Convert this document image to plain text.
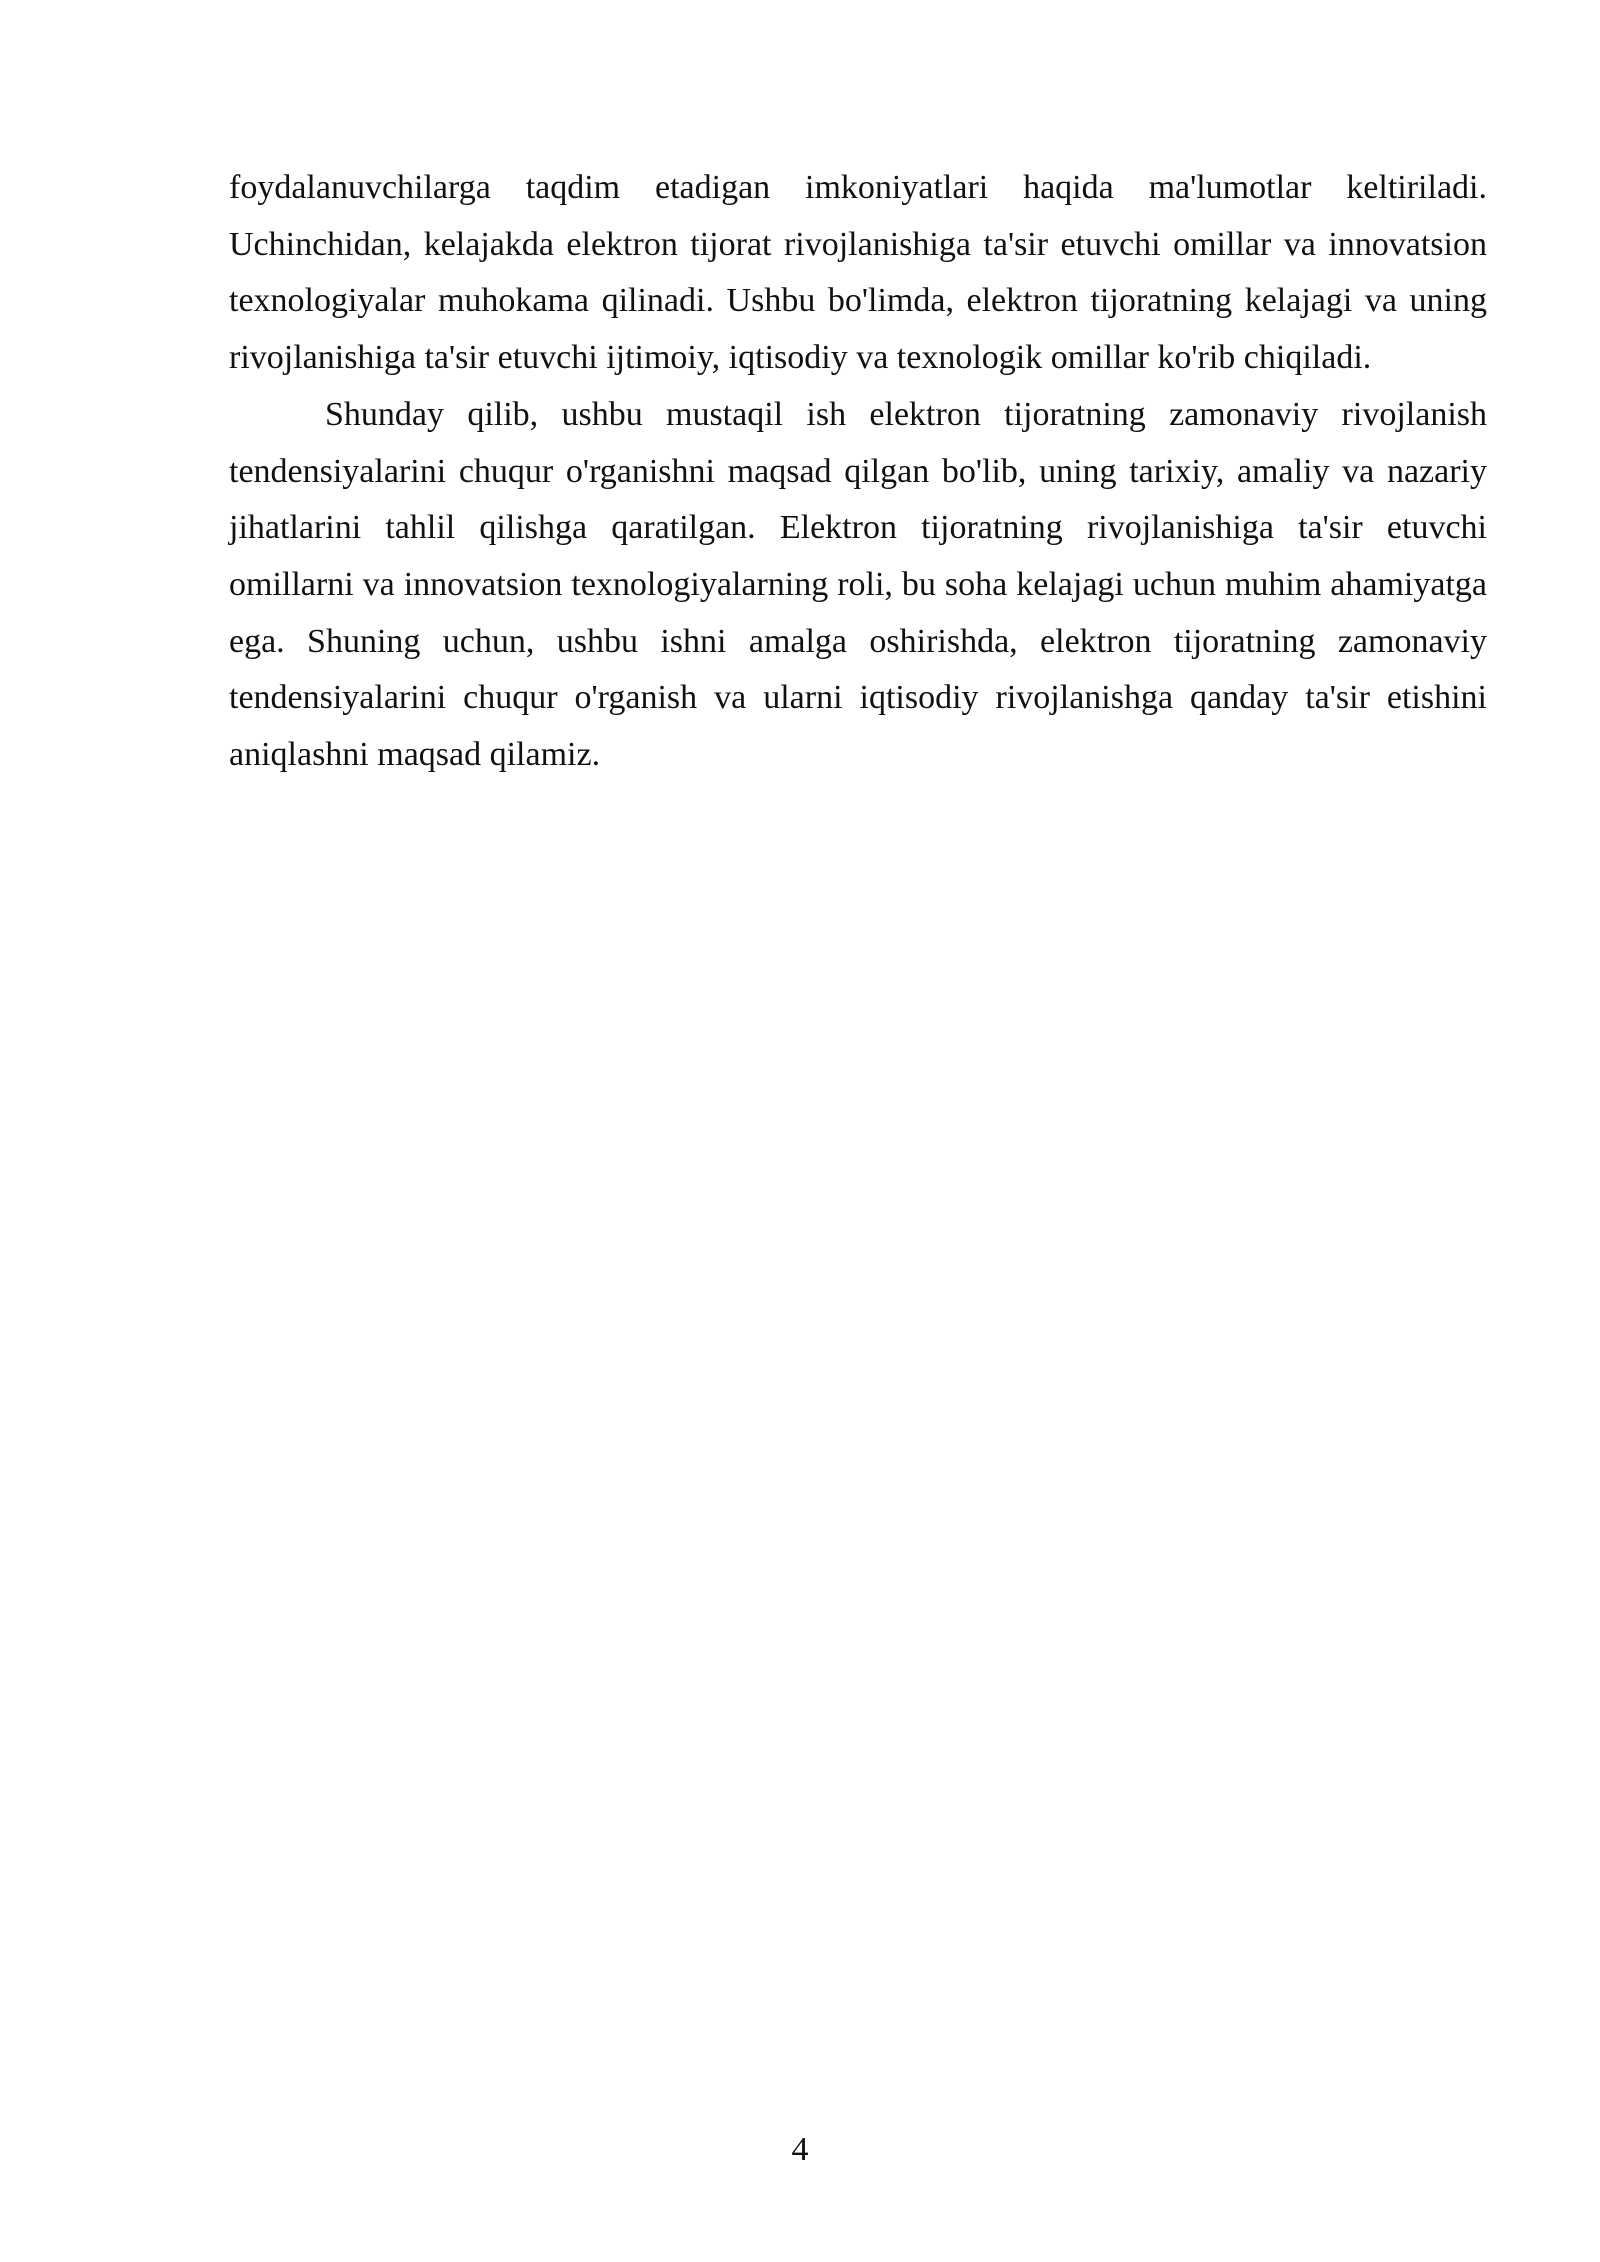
foydalanuvchilarga taqdim etadigan imkoniyatlari haqida ma'lumotlar keltiriladi. Uchinchidan, kelajakda elektron tijorat rivojlanishiga ta'sir etuvchi omillar va innovatsion texnologiyalar muhokama qilinadi. Ushbu bo'limda, elektron tijoratning kelajagi va uning rivojlanishiga ta'sir etuvchi ijtimoiy, iqtisodiy va texnologik omillar ko'rib chiqiladi.

Shunday qilib, ushbu mustaqil ish elektron tijoratning zamonaviy rivojlanish tendensiyalarini chuqur o'rganishni maqsad qilgan bo'lib, uning tarixiy, amaliy va nazariy jihatlarini tahlil qilishga qaratilgan. Elektron tijoratning rivojlanishiga ta'sir etuvchi omillarni va innovatsion texnologiyalarning roli, bu soha kelajagi uchun muhim ahamiyatga ega. Shuning uchun, ushbu ishni amalga oshirishda, elektron tijoratning zamonaviy tendensiyalarini chuqur o'rganish va ularni iqtisodiy rivojlanishga qanday ta'sir etishini aniqlashni maqsad qilamiz.

4
